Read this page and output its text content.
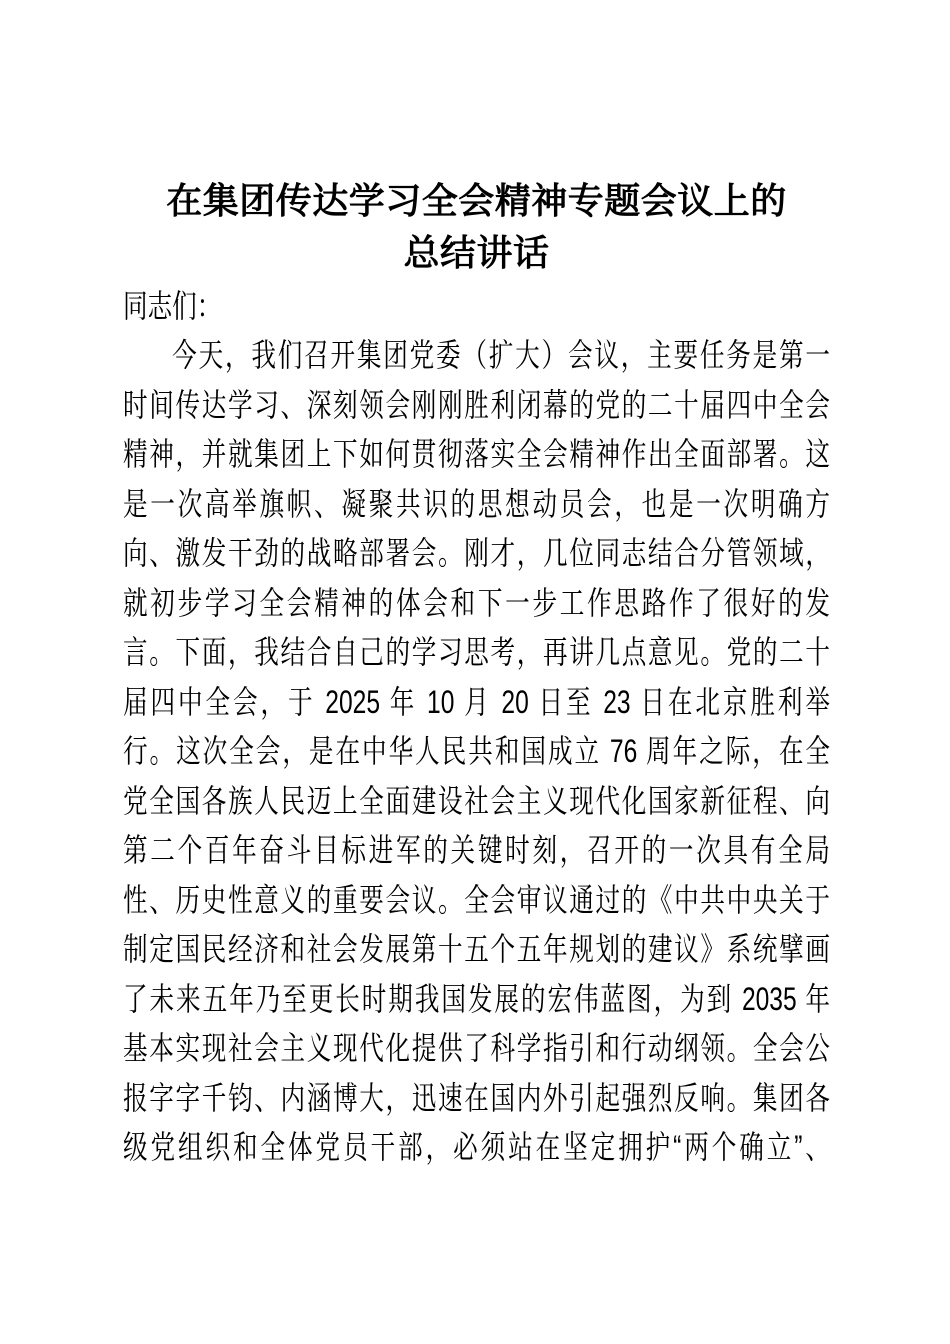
在集团传达学习全会精神专题会议上的
总结讲话
同志们：
今天，我们召开集团党委（扩大）会议，主要任务是第一
时间传达学习、深刻领会刚刚胜利闭幕的党的二十届四中全会
精神，并就集团上下如何贯彻落实全会精神作出全面部署。这
是一次高举旗帜、凝聚共识的思想动员会，也是一次明确方
向、激发干劲的战略部署会。刚才，几位同志结合分管领域，
就初步学习全会精神的体会和下一步工作思路作了很好的发
言。下面，我结合自己的学习思考，再讲几点意见。党的二十
届四中全会，于 2025 年 10 月 20 日至 23 日在北京胜利举
行。这次全会，是在中华人民共和国成立 76 周年之际，在全
党全国各族人民迈上全面建设社会主义现代化国家新征程、向
第二个百年奋斗目标进军的关键时刻，召开的一次具有全局
性、历史性意义的重要会议。全会审议通过的《中共中央关于
制定国民经济和社会发展第十五个五年规划的建议》系统擘画
了未来五年乃至更长时期我国发展的宏伟蓝图，为到 2035 年
基本实现社会主义现代化提供了科学指引和行动纲领。全会公
报字字千钧、内涵博大，迅速在国内外引起强烈反响。集团各
级党组织和全体党员干部，必须站在坚定拥护“两个确立”、
